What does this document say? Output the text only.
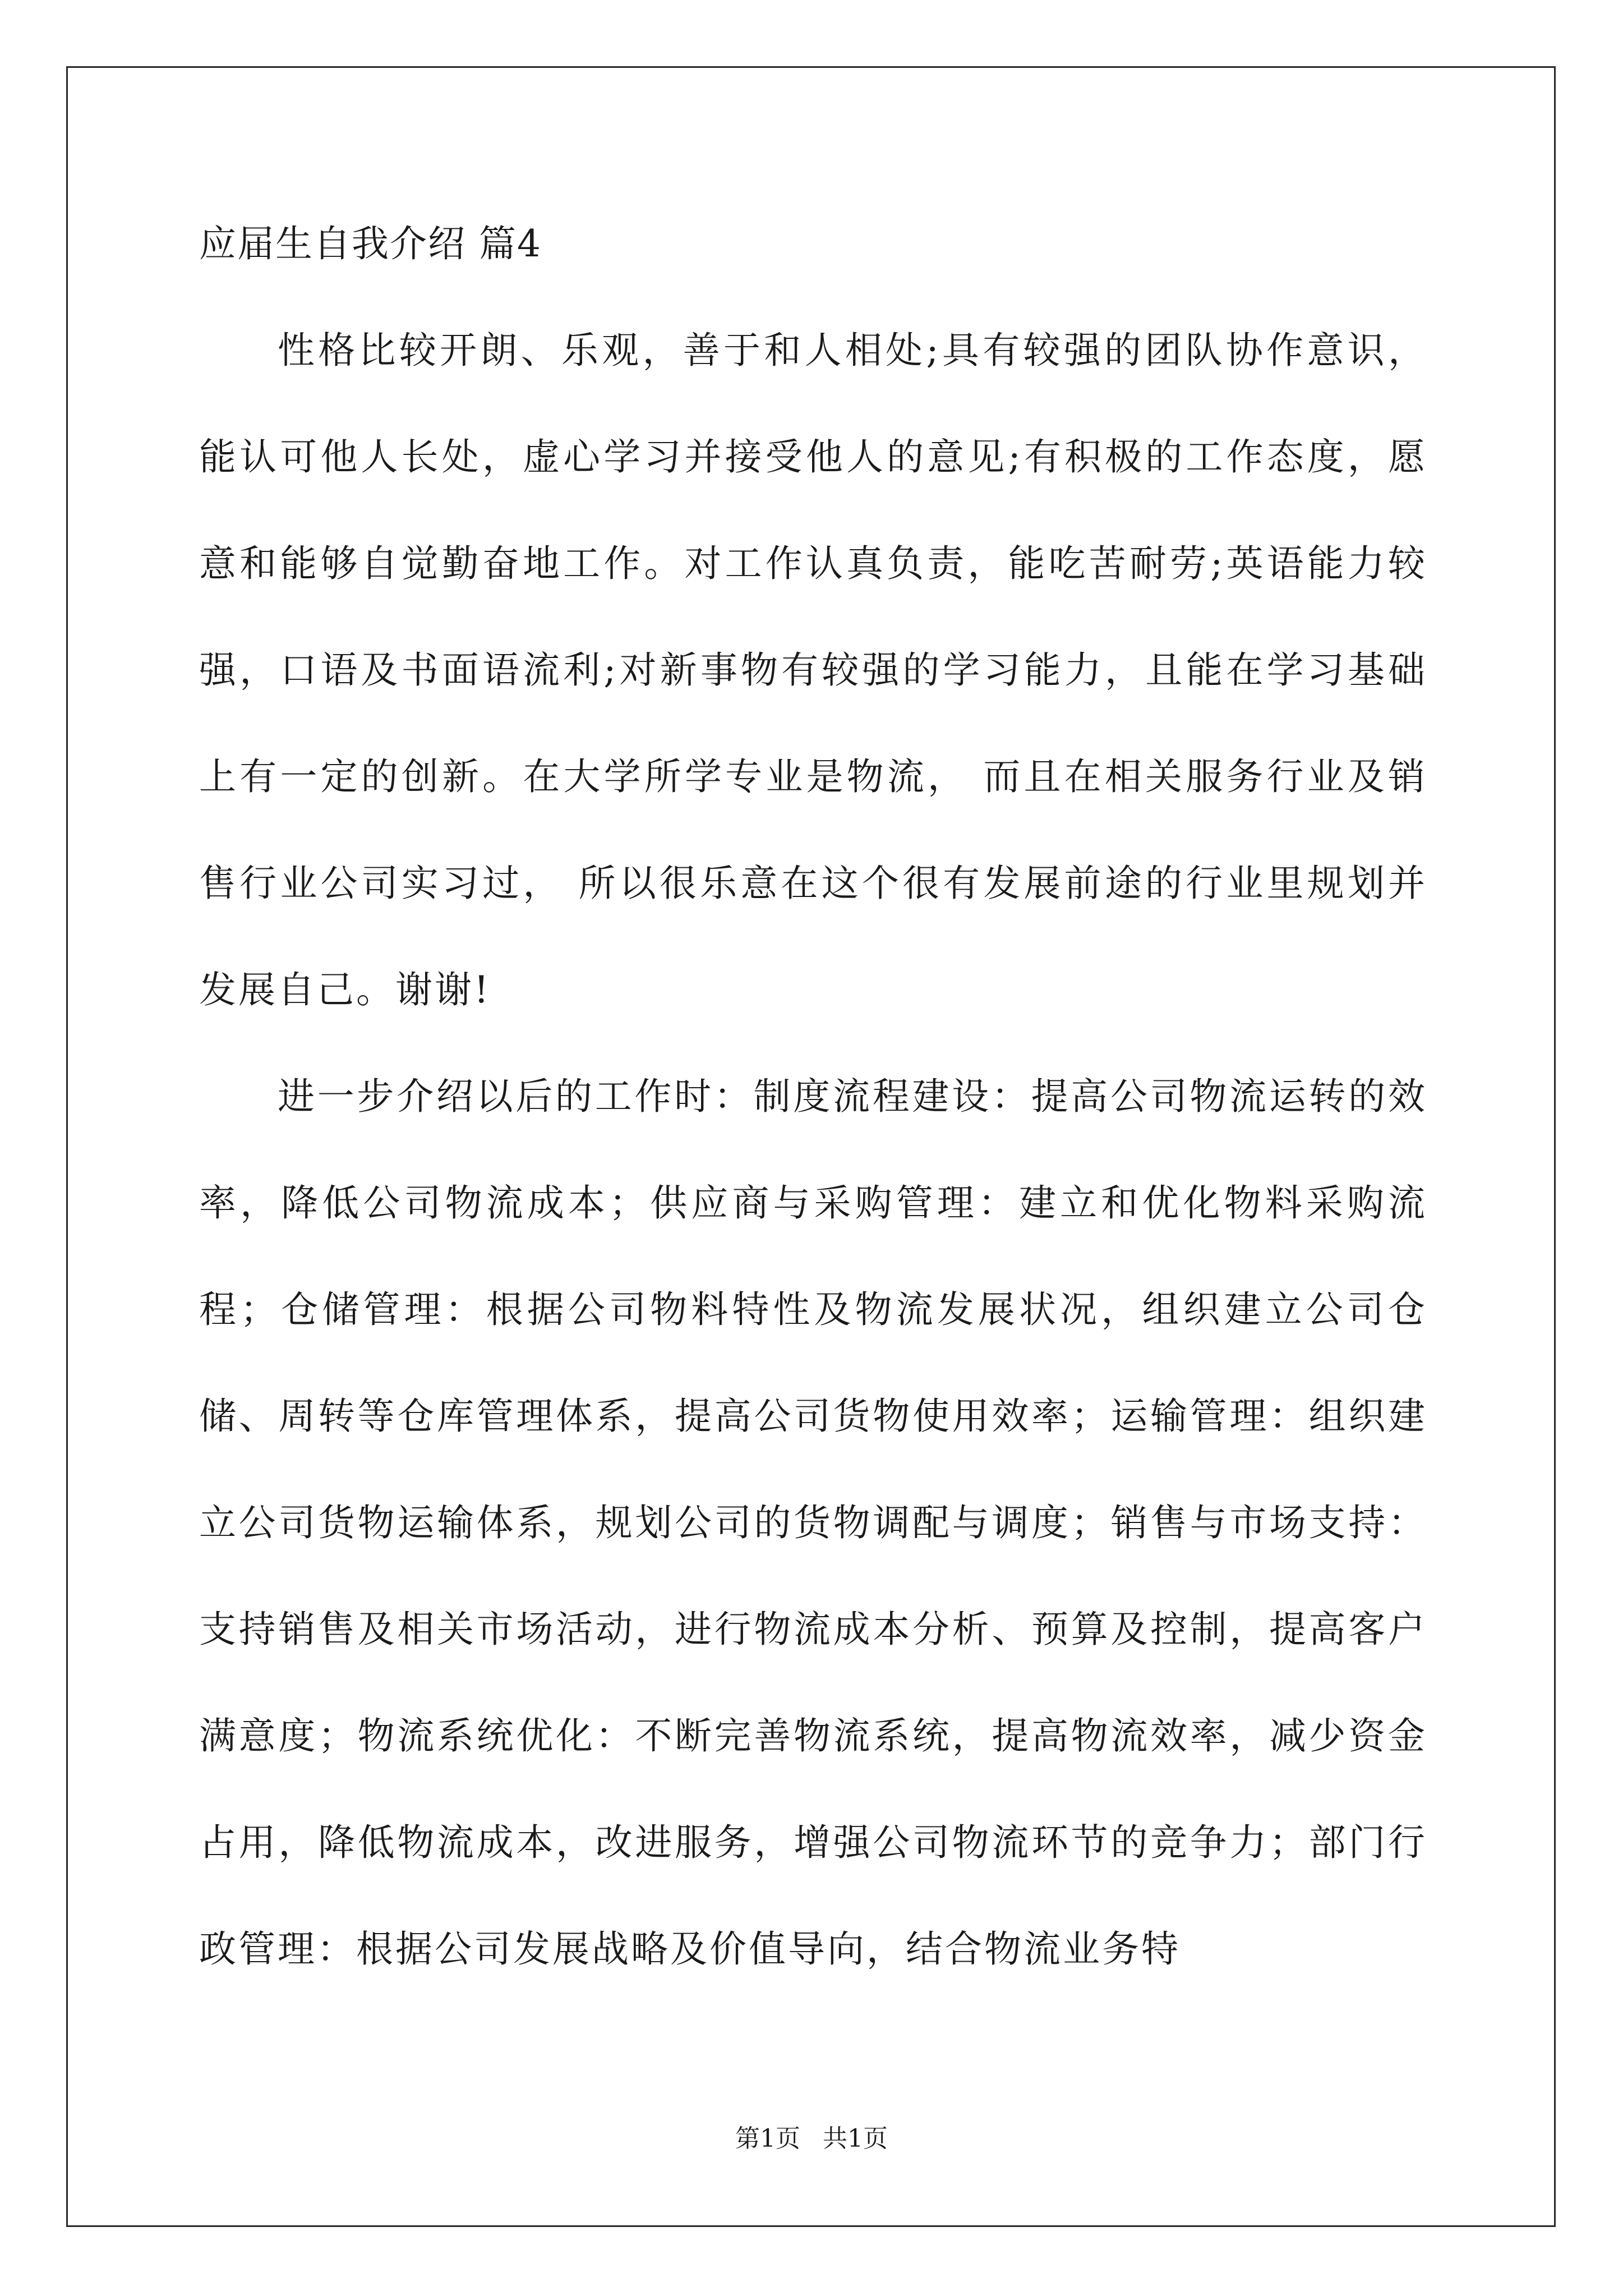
应届生自我介绍 篇4

性格比较开朗、乐观，善于和人相处;具有较强的团队协作意识，能认可他人长处，虚心学习并接受他人的意见;有积极的工作态度，愿意和能够自觉勤奋地工作。对工作认真负责，能吃苦耐劳;英语能力较强，口语及书面语流利;对新事物有较强的学习能力，且能在学习基础上有一定的创新。在大学所学专业是物流， 而且在相关服务行业及销售行业公司实习过， 所以很乐意在这个很有发展前途的行业里规划并发展自己。谢谢!

进一步介绍以后的工作时：制度流程建设：提高公司物流运转的效率，降低公司物流成本；供应商与采购管理：建立和优化物料采购流程；仓储管理：根据公司物料特性及物流发展状况，组织建立公司仓储、周转等仓库管理体系，提高公司货物使用效率；运输管理：组织建立公司货物运输体系，规划公司的货物调配与调度；销售与市场支持：支持销售及相关市场活动，进行物流成本分析、预算及控制，提高客户满意度；物流系统优化：不断完善物流系统，提高物流效率，减少资金占用，降低物流成本，改进服务，增强公司物流环节的竞争力；部门行政管理：根据公司发展战略及价值导向，结合物流业务特

第1页 共1页
